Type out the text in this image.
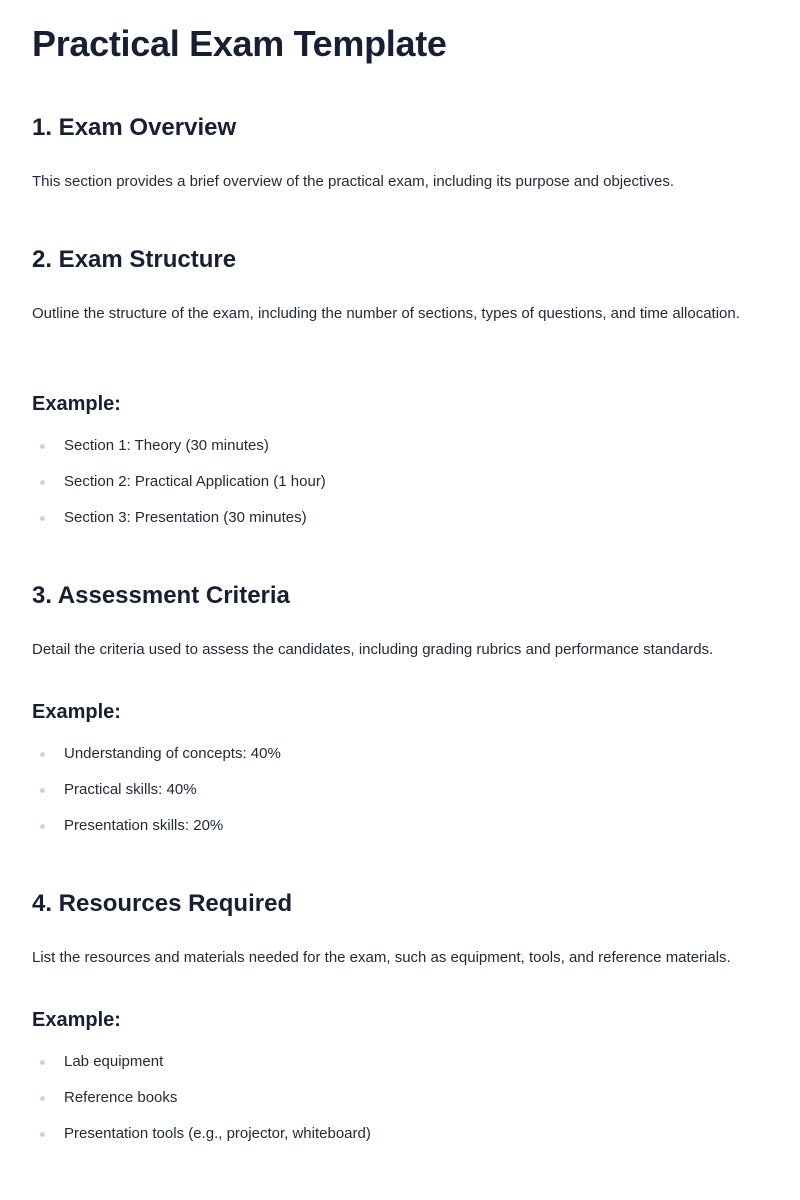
Practical Exam Template
1. Exam Overview

This section provides a brief overview of the practical exam, including its purpose and objectives.

2. Exam Structure

Outline the structure of the exam, including the number of sections, types of questions, and time allocation.

Example:
Section 1: Theory (30 minutes)
Section 2: Practical Application (1 hour)
Section 3: Presentation (30 minutes)
3. Assessment Criteria

Detail the criteria used to assess the candidates, including grading rubrics and performance standards.

Example:
Understanding of concepts: 40%
Practical skills: 40%
Presentation skills: 20%
4. Resources Required

List the resources and materials needed for the exam, such as equipment, tools, and reference materials.

Example:
Lab equipment
Reference books
Presentation tools (e.g., projector, whiteboard)
